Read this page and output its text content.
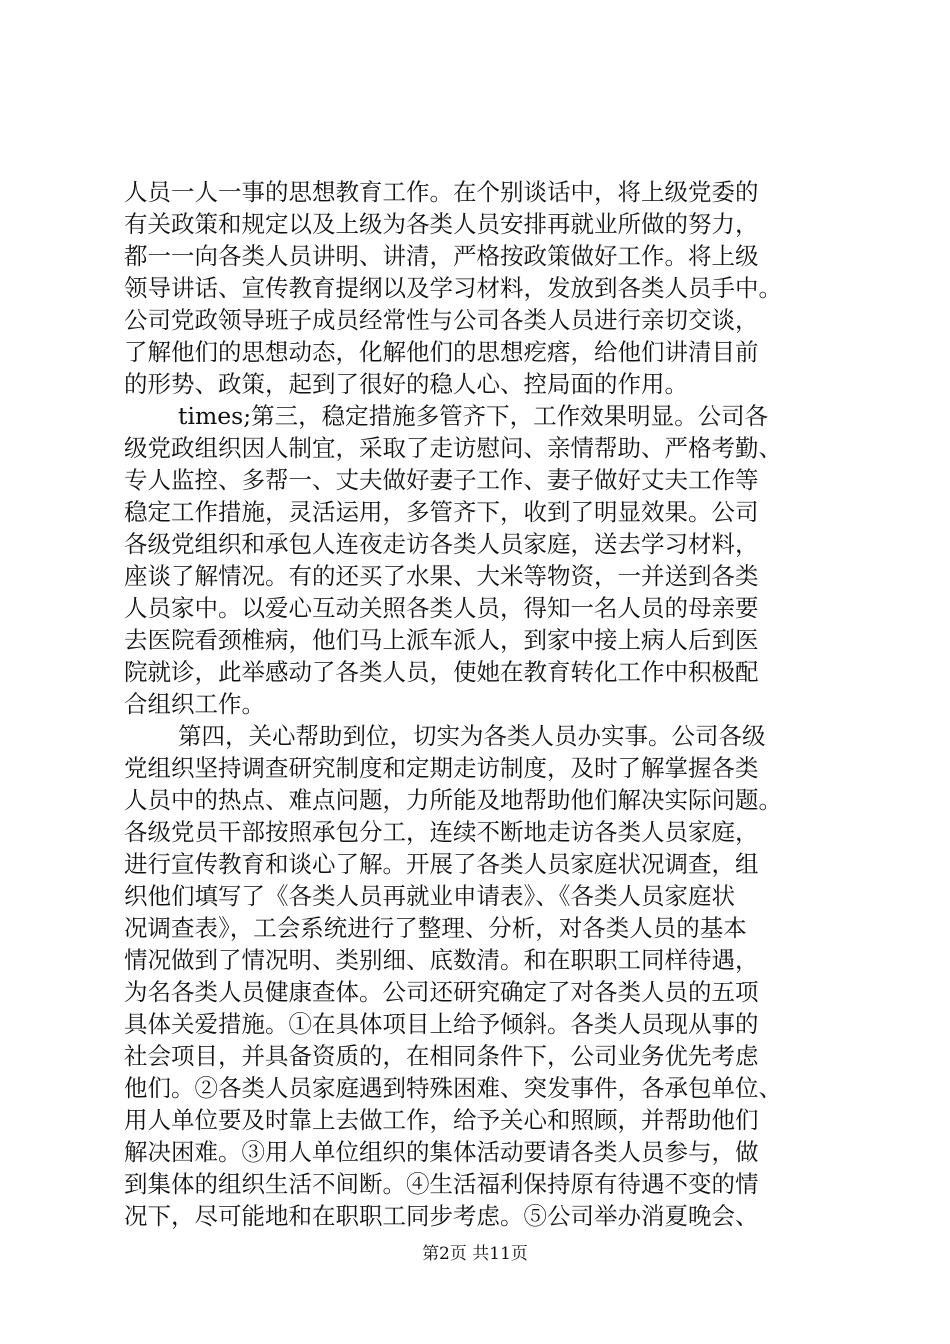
人员一人一事的思想教育工作。在个别谈话中，将上级党委的
有关政策和规定以及上级为各类人员安排再就业所做的努力，
都一一向各类人员讲明、讲清，严格按政策做好工作。将上级
领导讲话、宣传教育提纲以及学习材料，发放到各类人员手中。
公司党政领导班子成员经常性与公司各类人员进行亲切交谈，
了解他们的思想动态，化解他们的思想疙瘩，给他们讲清目前
的形势、政策，起到了很好的稳人心、控局面的作用。
times;第三，稳定措施多管齐下，工作效果明显。公司各
级党政组织因人制宜，采取了走访慰问、亲情帮助、严格考勤、
专人监控、多帮一、丈夫做好妻子工作、妻子做好丈夫工作等
稳定工作措施，灵活运用，多管齐下，收到了明显效果。公司
各级党组织和承包人连夜走访各类人员家庭，送去学习材料，
座谈了解情况。有的还买了水果、大米等物资，一并送到各类
人员家中。以爱心互动关照各类人员，得知一名人员的母亲要
去医院看颈椎病，他们马上派车派人，到家中接上病人后到医
院就诊，此举感动了各类人员，使她在教育转化工作中积极配
合组织工作。
第四，关心帮助到位，切实为各类人员办实事。公司各级
党组织坚持调查研究制度和定期走访制度，及时了解掌握各类
人员中的热点、难点问题，力所能及地帮助他们解决实际问题。
各级党员干部按照承包分工，连续不断地走访各类人员家庭，
进行宣传教育和谈心了解。开展了各类人员家庭状况调查，组
织他们填写了《各类人员再就业申请表》、《各类人员家庭状
况调查表》，工会系统进行了整理、分析，对各类人员的基本
情况做到了情况明、类别细、底数清。和在职职工同样待遇，
为名各类人员健康查体。公司还研究确定了对各类人员的五项
具体关爱措施。①在具体项目上给予倾斜。各类人员现从事的
社会项目，并具备资质的，在相同条件下，公司业务优先考虑
他们。②各类人员家庭遇到特殊困难、突发事件，各承包单位、
用人单位要及时靠上去做工作，给予关心和照顾，并帮助他们
解决困难。③用人单位组织的集体活动要请各类人员参与，做
到集体的组织生活不间断。④生活福利保持原有待遇不变的情
况下，尽可能地和在职职工同步考虑。⑤公司举办消夏晚会、
第2页 共11页
